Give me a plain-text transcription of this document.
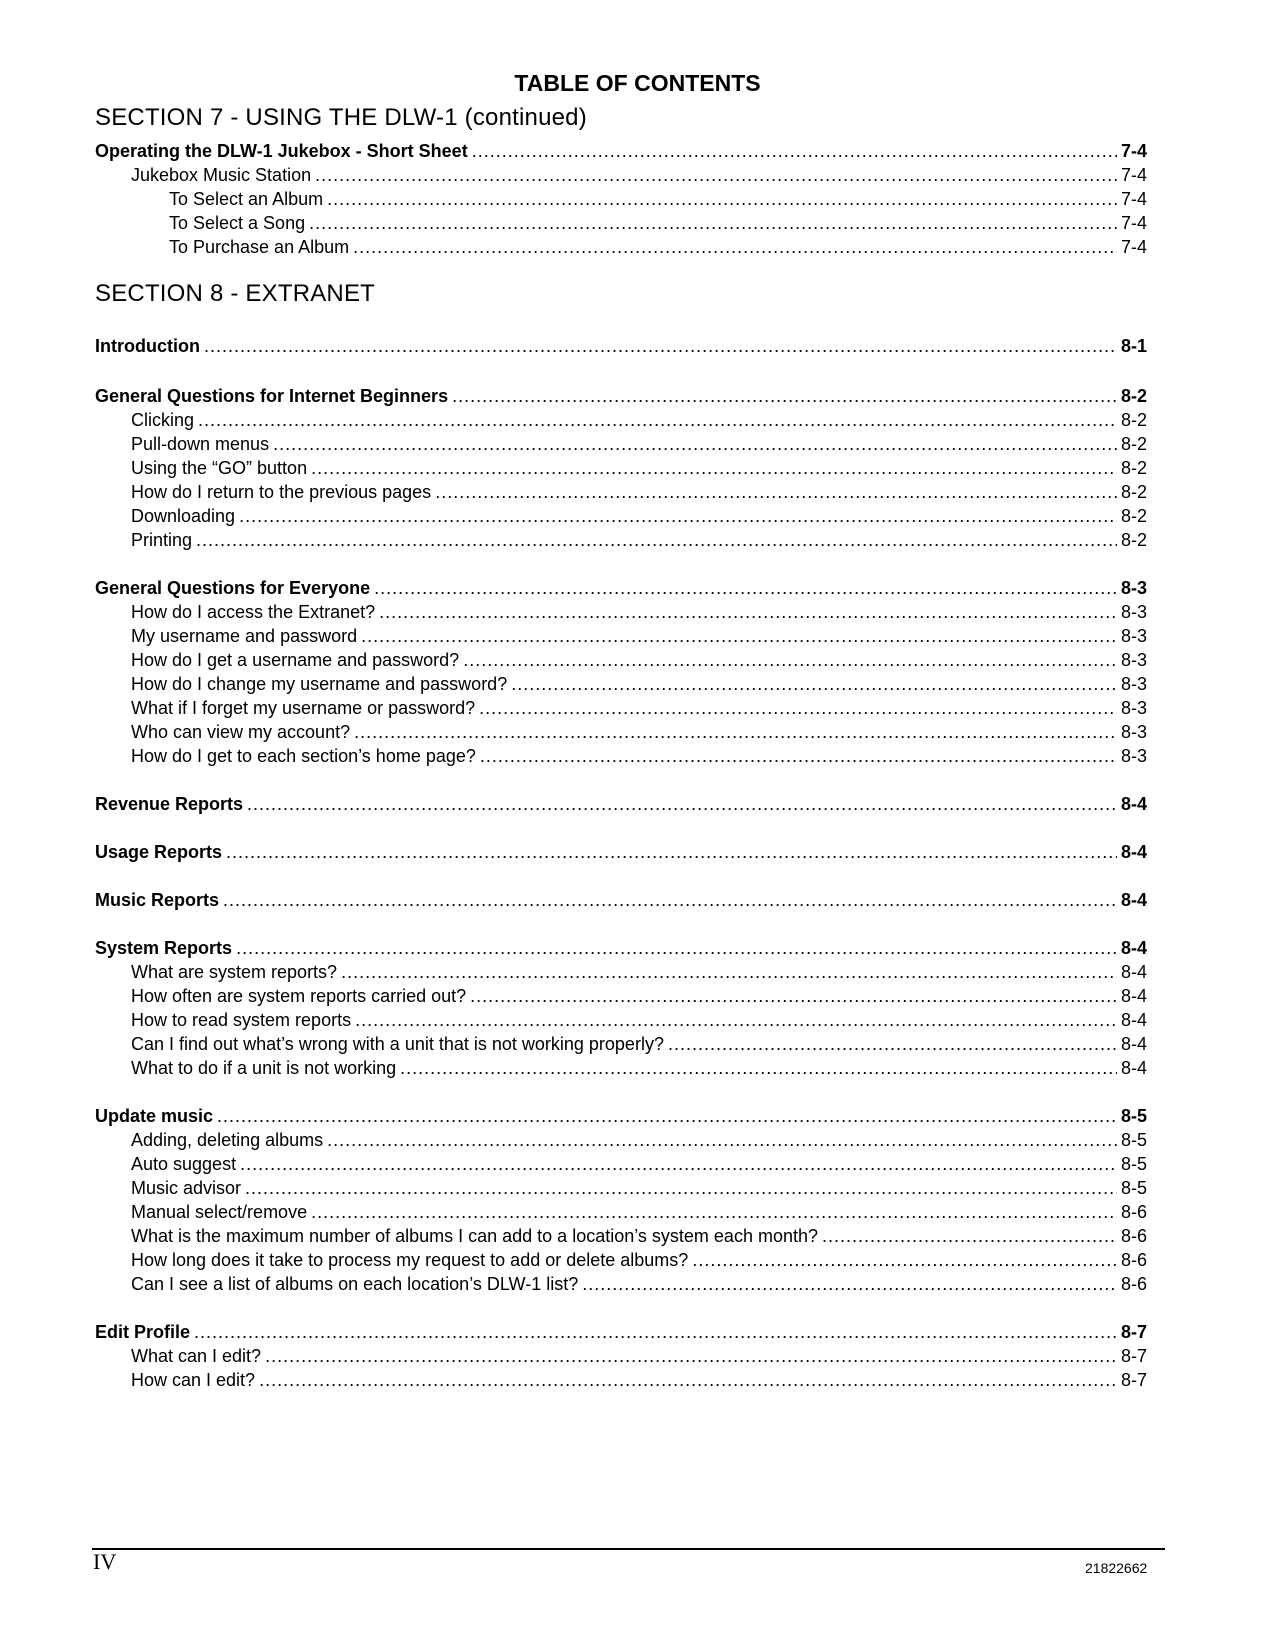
TABLE OF CONTENTS
SECTION 7 - USING THE DLW-1 (continued)
Operating the DLW-1 Jukebox - Short Sheet .....	7-4
Jukebox Music Station .....	7-4
To Select an Album .....	7-4
To Select a Song .....	7-4
To Purchase an Album .....	7-4
SECTION 8 - EXTRANET
Introduction .....	8-1
General Questions for Internet Beginners .....	8-2
Clicking .....	8-2
Pull-down menus .....	8-2
Using the “GO” button .....	8-2
How do I return to the previous pages .....	8-2
Downloading .....	8-2
Printing .....	8-2
General Questions for Everyone .....	8-3
How do I access the Extranet? .....	8-3
My username and password .....	8-3
How do I get a username and password? .....	8-3
How do I change my username and password? .....	8-3
What if I forget my username or password? .....	8-3
Who can view my account? .....	8-3
How do I get to each section’s home page? .....	8-3
Revenue Reports .....	8-4
Usage Reports .....	8-4
Music Reports .....	8-4
System Reports .....	8-4
What are system reports? .....	8-4
How often are system reports carried out? .....	8-4
How to read system reports .....	8-4
Can I find out what’s wrong with a unit that is not working properly? .....	8-4
What to do if a unit is not working .....	8-4
Update music .....	8-5
Adding, deleting albums .....	8-5
Auto suggest .....	8-5
Music advisor .....	8-5
Manual select/remove .....	8-6
What is the maximum number of albums I can add to a location’s system each month? .....	8-6
How long does it take to process my request to add or delete albums? .....	8-6
Can I see a list of albums on each location’s DLW-1 list? .....	8-6
Edit Profile .....	8-7
What can I edit? .....	8-7
How can I edit? .....	8-7
IV	21822662
